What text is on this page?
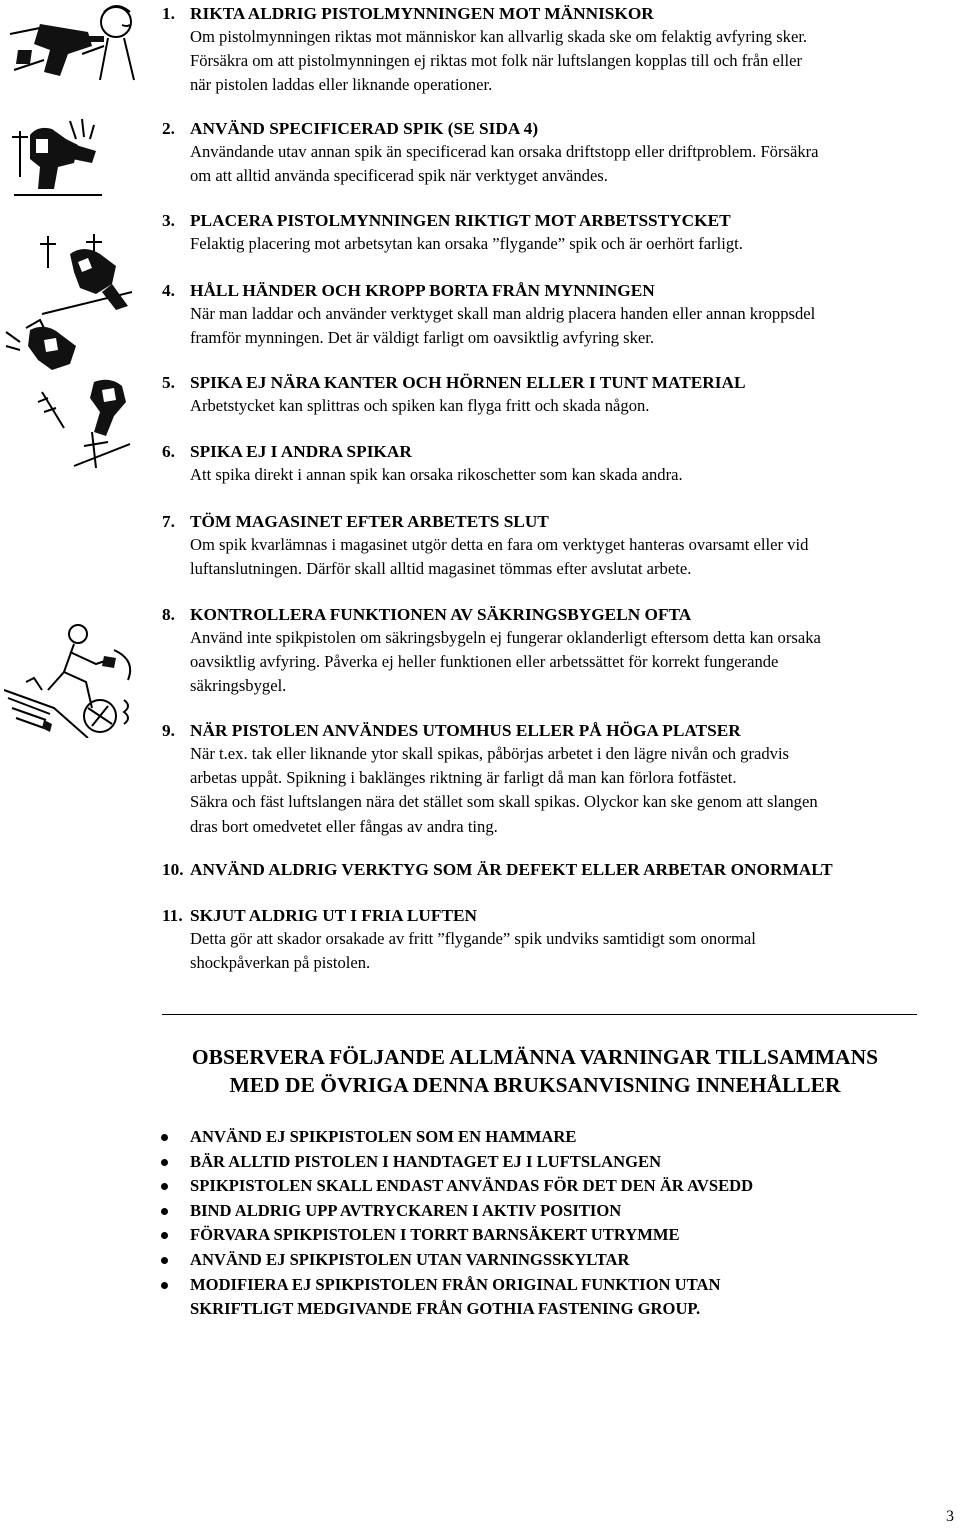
1. RIKTA ALDRIG PISTOLMYNNINGEN MOT MÄNNISKOR
Om pistolmynningen riktas mot människor kan allvarlig skada ske om felaktig avfyring sker.
Försäkra om att pistolmynningen ej riktas mot folk när luftslangen kopplas till och från eller
när pistolen laddas eller liknande operationer.
2. ANVÄND SPECIFICERAD SPIK (SE SIDA 4)
Användande utav annan spik än specificerad kan orsaka driftstopp eller driftproblem. Försäkra
om att alltid använda specificerad spik när verktyget användes.
3. PLACERA PISTOLMYNNINGEN RIKTIGT MOT ARBETSSTYCKET
Felaktig placering mot arbetsytan kan orsaka ”flygande” spik och är oerhört farligt.
4. HÅLL HÄNDER OCH KROPP BORTA FRÅN MYNNINGEN
När man laddar och använder verktyget skall man aldrig placera handen eller annan kroppsdel
framför mynningen. Det är väldigt farligt om oavsiktlig avfyring sker.
5. SPIKA EJ NÄRA KANTER OCH HÖRNEN ELLER I TUNT MATERIAL
Arbetstycket kan splittras och spiken kan flyga fritt och skada någon.
6. SPIKA EJ I ANDRA SPIKAR
Att spika direkt i annan spik kan orsaka rikoschetter som kan skada andra.
7. TÖM MAGASINET EFTER ARBETETS SLUT
Om spik kvarlämnas i magasinet utgör detta en fara om verktyget hanteras ovarsamt eller vid
luftanslutningen. Därför skall alltid magasinet tömmas efter avslutat arbete.
8. KONTROLLERA FUNKTIONEN AV SÄKRINGSBYGELN OFTA
Använd inte spikpistolen om säkringsbygeln ej fungerar oklanderligt eftersom detta kan orsaka
oavsiktlig avfyring. Påverka ej heller funktionen eller arbetssättet för korrekt fungerande
säkringsbygel.
9. NÄR PISTOLEN ANVÄNDES UTOMHUS ELLER PÅ HÖGA PLATSER
När t.ex. tak eller liknande ytor skall spikas, påbörjas arbetet i den lägre nivån och gradvis
arbetas uppåt. Spikning i baklänges riktning är farligt då man kan förlora fotfästet.
Säkra och fäst luftslangen nära det stället som skall spikas. Olyckor kan ske genom att slangen
dras bort omedvetet eller fångas av andra ting.
10. ANVÄND ALDRIG VERKTYG SOM ÄR DEFEKT ELLER ARBETAR ONORMALT
11. SKJUT ALDRIG UT I FRIA LUFTEN
Detta gör att skador orsakade av fritt ”flygande” spik undviks samtidigt som onormal
shockpåverkan på pistolen.
OBSERVERA FÖLJANDE ALLMÄNNA VARNINGAR TILLSAMMANS
MED DE ÖVRIGA DENNA BRUKSANVISNING INNEHÅLLER
ANVÄND EJ SPIKPISTOLEN SOM EN HAMMARE
BÄR ALLTID PISTOLEN I HANDTAGET EJ I LUFTSLANGEN
SPIKPISTOLEN SKALL ENDAST ANVÄNDAS FÖR DET DEN ÄR AVSEDD
BIND ALDRIG UPP AVTRYCKAREN I AKTIV POSITION
FÖRVARA SPIKPISTOLEN I TORRT BARNSÄKERT UTRYMME
ANVÄND EJ SPIKPISTOLEN UTAN VARNINGSSKYLTAR
MODIFIERA EJ SPIKPISTOLEN FRÅN ORIGINAL FUNKTION UTAN
SKRIFTLIGT MEDGIVANDE FRÅN GOTHIA FASTENING GROUP.
3
